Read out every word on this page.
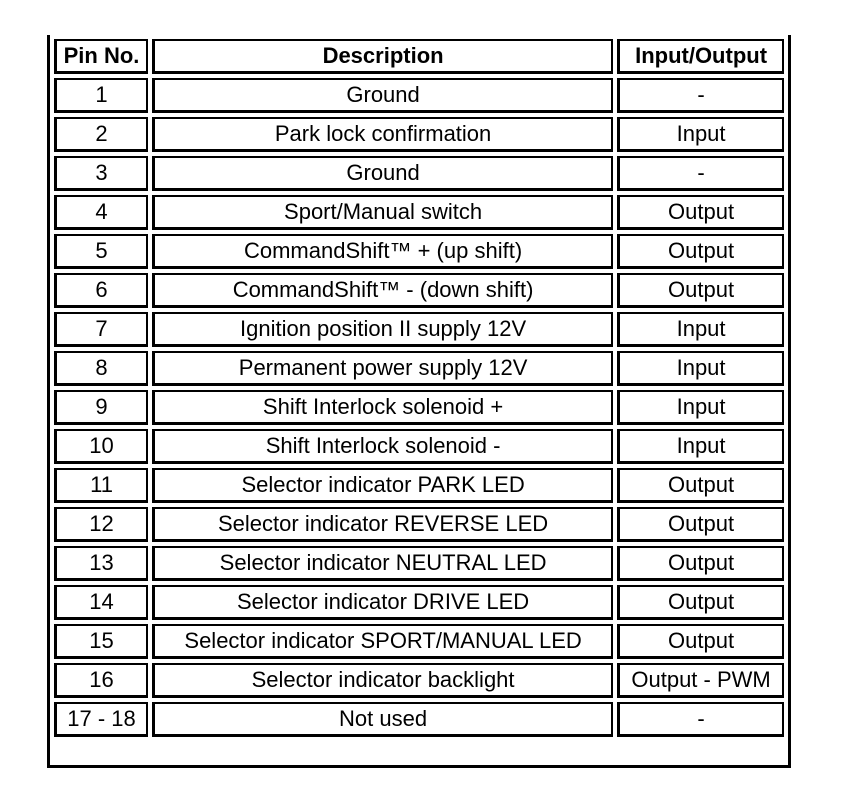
Pin No.	Description	Input/Output
1	Ground	-
2	Park lock confirmation	Input
3	Ground	-
4	Sport/Manual switch	Output
5	CommandShift™ + (up shift)	Output
6	CommandShift™ - (down shift)	Output
7	Ignition position II supply 12V	Input
8	Permanent power supply 12V	Input
9	Shift Interlock solenoid +	Input
10	Shift Interlock solenoid -	Input
11	Selector indicator PARK LED	Output
12	Selector indicator REVERSE LED	Output
13	Selector indicator NEUTRAL LED	Output
14	Selector indicator DRIVE LED	Output
15	Selector indicator SPORT/MANUAL LED	Output
16	Selector indicator backlight	Output - PWM
17 - 18	Not used	-
